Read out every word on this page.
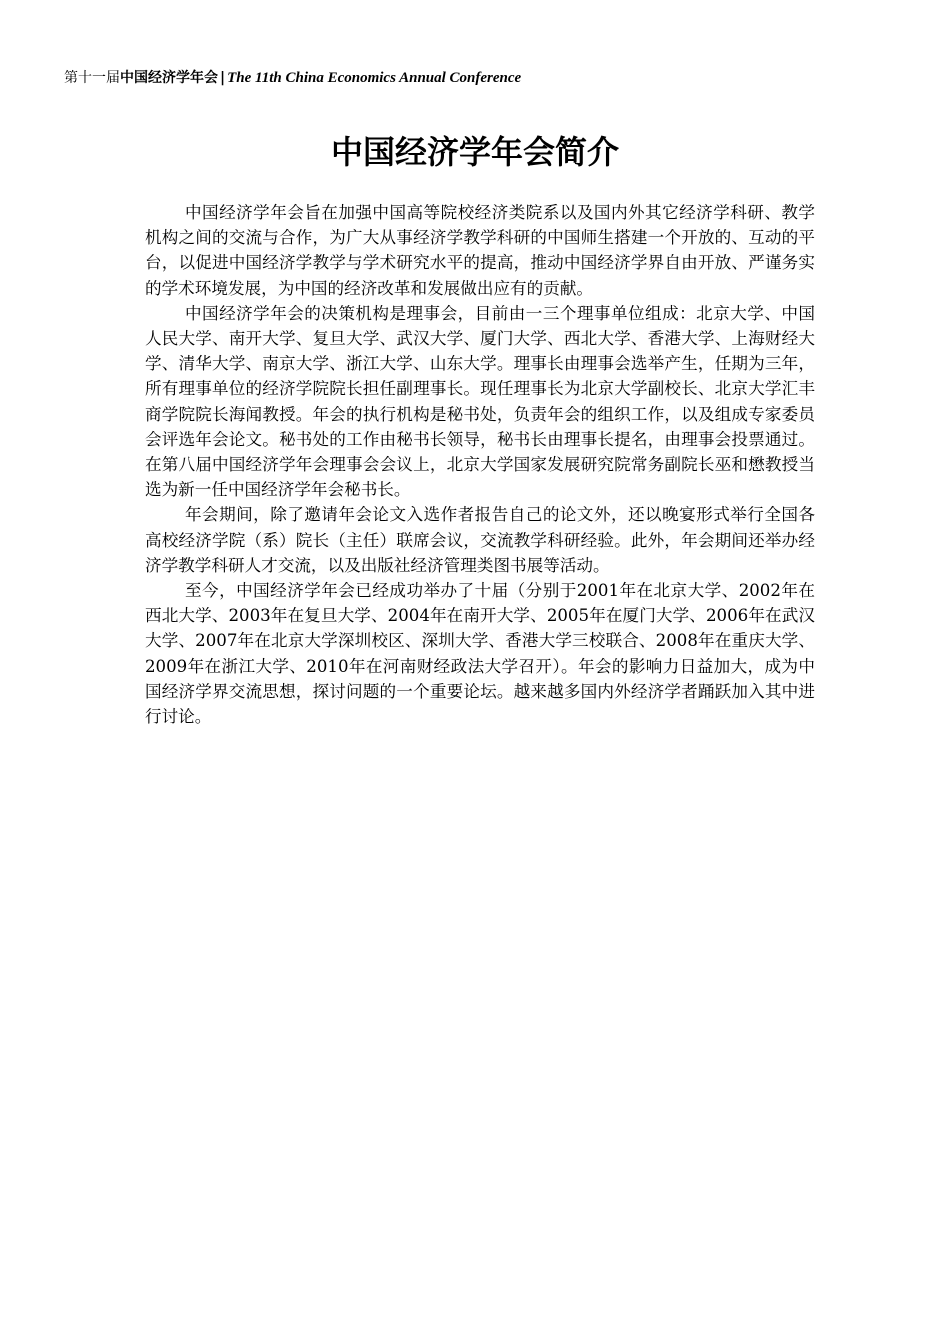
第十一届中国经济学年会 | The 11th China Economics Annual Conference
中国经济学年会简介

中国经济学年会旨在加强中国高等院校经济类院系以及国内外其它经济学科研、教学机构之间的交流与合作，为广大从事经济学教学科研的中国师生搭建一个开放的、互动的平台，以促进中国经济学教学与学术研究水平的提高，推动中国经济学界自由开放、严谨务实的学术环境发展，为中国的经济改革和发展做出应有的贡献。

中国经济学年会的决策机构是理事会，目前由一三个理事单位组成：北京大学、中国人民大学、南开大学、复旦大学、武汉大学、厦门大学、西北大学、香港大学、上海财经大学、清华大学、南京大学、浙江大学、山东大学。理事长由理事会选举产生，任期为三年，所有理事单位的经济学院院长担任副理事长。现任理事长为北京大学副校长、北京大学汇丰商学院院长海闻教授。年会的执行机构是秘书处，负责年会的组织工作，以及组成专家委员会评选年会论文。秘书处的工作由秘书长领导，秘书长由理事长提名，由理事会投票通过。在第八届中国经济学年会理事会会议上，北京大学国家发展研究院常务副院长巫和懋教授当选为新一任中国经济学年会秘书长。

年会期间，除了邀请年会论文入选作者报告自己的论文外，还以晚宴形式举行全国各高校经济学院（系）院长（主任）联席会议，交流教学科研经验。此外，年会期间还举办经济学教学科研人才交流，以及出版社经济管理类图书展等活动。

至今，中国经济学年会已经成功举办了十届（分别于2001年在北京大学、2002年在西北大学、2003年在复旦大学、2004年在南开大学、2005年在厦门大学、2006年在武汉大学、2007年在北京大学深圳校区、深圳大学、香港大学三校联合、2008年在重庆大学、2009年在浙江大学、2010年在河南财经政法大学召开）。年会的影响力日益加大，成为中国经济学界交流思想，探讨问题的一个重要论坛。越来越多国内外经济学者踊跃加入其中进行讨论。
